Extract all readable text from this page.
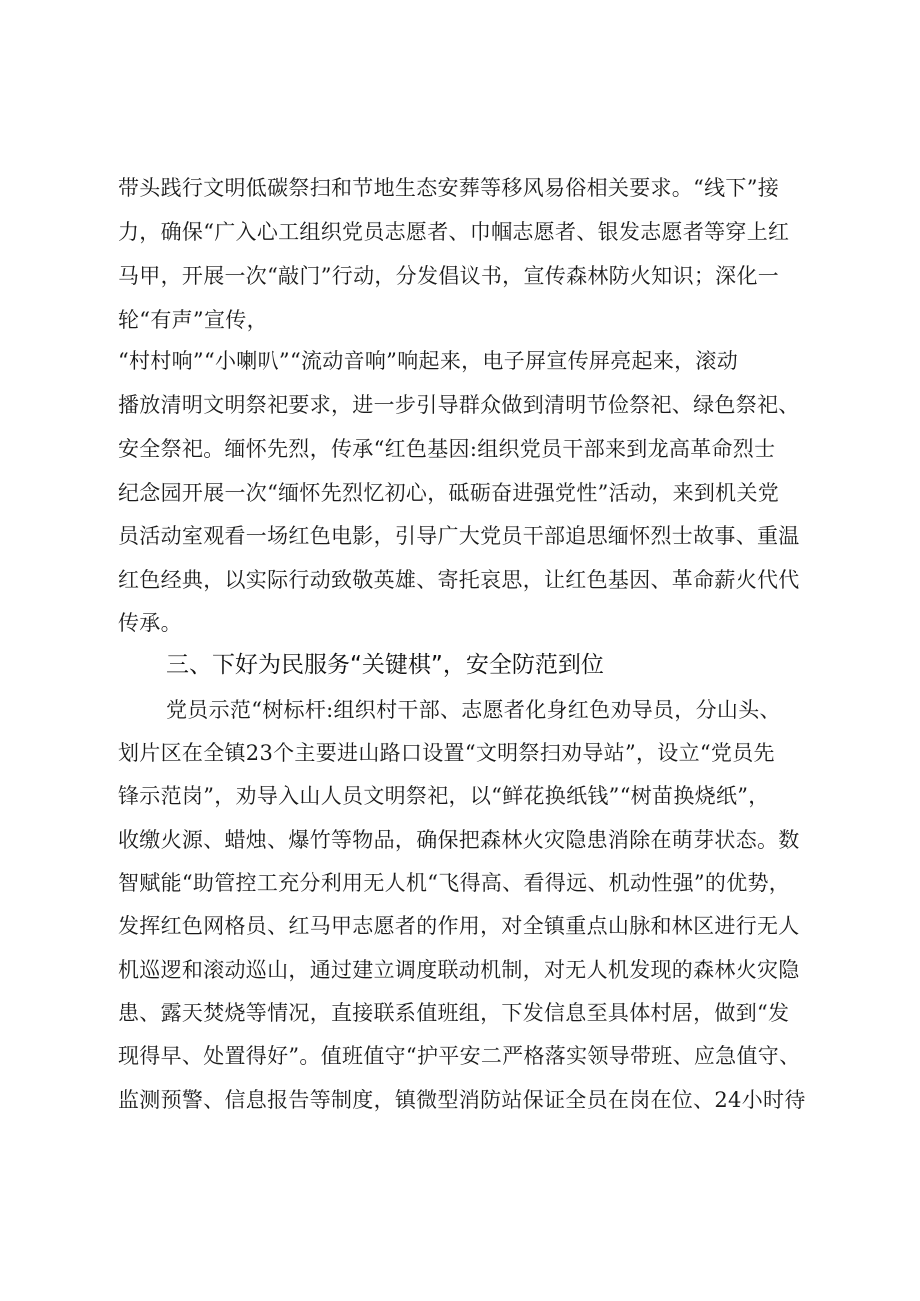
带头践行文明低碳祭扫和节地生态安葬等移风易俗相关要求。“线下”接
力，确保“广入心工组织党员志愿者、巾帼志愿者、银发志愿者等穿上红
马甲，开展一次“敲门”行动，分发倡议书，宣传森林防火知识；深化一
轮“有声”宣传，
“村村响”“小喇叭”“流动音响”响起来，电子屏宣传屏亮起来，滚动
播放清明文明祭祀要求，进一步引导群众做到清明节俭祭祀、绿色祭祀、
安全祭祀。缅怀先烈，传承“红色基因:组织党员干部来到龙高革命烈士
纪念园开展一次“缅怀先烈忆初心，砥砺奋进强党性”活动，来到机关党
员活动室观看一场红色电影，引导广大党员干部追思缅怀烈士故事、重温
红色经典，以实际行动致敬英雄、寄托哀思，让红色基因、革命薪火代代
传承。
三、下好为民服务“关键棋”，安全防范到位
党员示范“树标杆:组织村干部、志愿者化身红色劝导员，分山头、
划片区在全镇23个主要进山路口设置“文明祭扫劝导站”，设立“党员先
锋示范岗”，劝导入山人员文明祭祀，以“鲜花换纸钱”“树苗换烧纸”，
收缴火源、蜡烛、爆竹等物品，确保把森林火灾隐患消除在萌芽状态。数
智赋能“助管控工充分利用无人机“飞得高、看得远、机动性强”的优势，
发挥红色网格员、红马甲志愿者的作用，对全镇重点山脉和林区进行无人
机巡逻和滚动巡山，通过建立调度联动机制，对无人机发现的森林火灾隐
患、露天焚烧等情况，直接联系值班组，下发信息至具体村居，做到“发
现得早、处置得好”。值班值守“护平安二严格落实领导带班、应急值守、
监测预警、信息报告等制度，镇微型消防站保证全员在岗在位、24小时待
